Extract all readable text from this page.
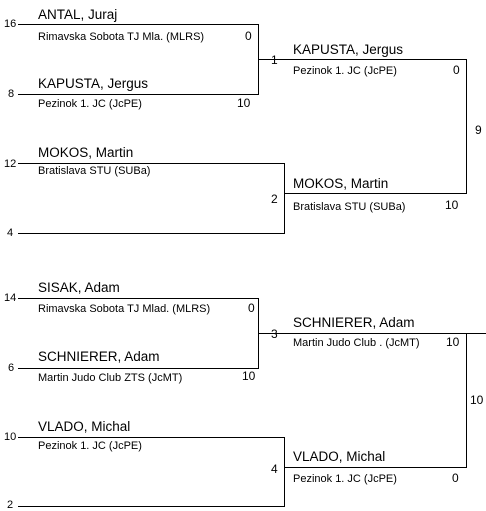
16
ANTAL, Juraj
Rimavska Sobota TJ Mla. (MLRS)	0
1
8
KAPUSTA, Jergus
Pezinok 1. JC (JcPE)	10
12
MOKOS, Martin
Bratislava STU (SUBa)
2
4
14
SISAK, Adam
Rimavska Sobota TJ Mlad. (MLRS)	0
3
6
SCHNIERER, Adam
Martin Judo Club ZTS (JcMT)	10
10
VLADO, Michal
Pezinok 1. JC (JcPE)
4
2
KAPUSTA, Jergus
Pezinok 1. JC (JcPE)	0
9
MOKOS, Martin
Bratislava STU (SUBa)	10
SCHNIERER, Adam
Martin Judo Club . (JcMT) 10
10
VLADO, Michal
Pezinok 1. JC (JcPE)	0
